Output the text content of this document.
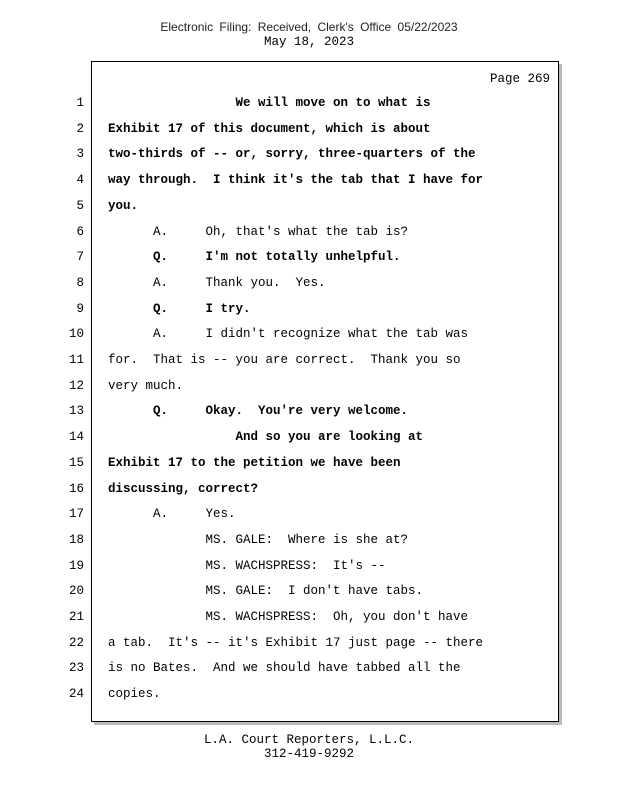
Electronic Filing: Received, Clerk's Office 05/22/2023
May 18, 2023
Page 269
1 We will move on to what is
2 Exhibit 17 of this document, which is about
3 two-thirds of -- or, sorry, three-quarters of the
4 way through.  I think it's the tab that I have for
5 you.
6 A.     Oh, that's what the tab is?
7 Q.     I'm not totally unhelpful.
8 A.     Thank you.  Yes.
9 Q.     I try.
10 A.     I didn't recognize what the tab was
11 for.  That is -- you are correct.  Thank you so
12 very much.
13 Q.     Okay.  You're very welcome.
14 And so you are looking at
15 Exhibit 17 to the petition we have been
16 discussing, correct?
17 A.     Yes.
18 MS. GALE:  Where is she at?
19 MS. WACHSPRESS:  It's --
20 MS. GALE:  I don't have tabs.
21 MS. WACHSPRESS:  Oh, you don't have
22 a tab.  It's -- it's Exhibit 17 just page -- there
23 is no Bates.  And we should have tabbed all the
24 copies.
L.A. Court Reporters, L.L.C.
312-419-9292
